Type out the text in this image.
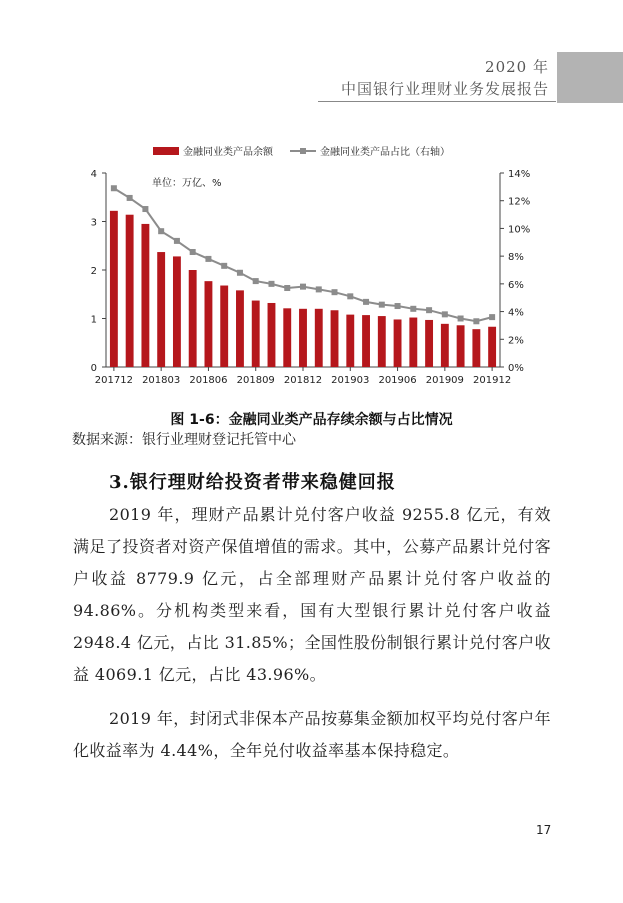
2020 年
中国银行业理财业务发展报告
0
1
2
3
4
0%
2%
4%
6%
8%
10%
12%
14%
201712 201803 201806 201809 201812 201903 201906 201909 201912
金融同业类产品余额	金融同业类产品占比（右轴）
单位：万亿、%
图 1-6：金融同业类产品存续余额与占比情况
数据来源：银行业理财登记托管中心
3.银行理财给投资者带来稳健回报

2019 年，理财产品累计兑付客户收益 9255.8 亿元，有效满足了投资者对资产保值增值的需求。其中，公募产品累计兑付客户收益 8779.9 亿元，占全部理财产品累计兑付客户收益的 94.86%。分机构类型来看，国有大型银行累计兑付客户收益 2948.4 亿元，占比 31.85%；全国性股份制银行累计兑付客户收益 4069.1 亿元，占比 43.96%。

2019 年，封闭式非保本产品按募集金额加权平均兑付客户年化收益率为 4.44%，全年兑付收益率基本保持稳定。

17
